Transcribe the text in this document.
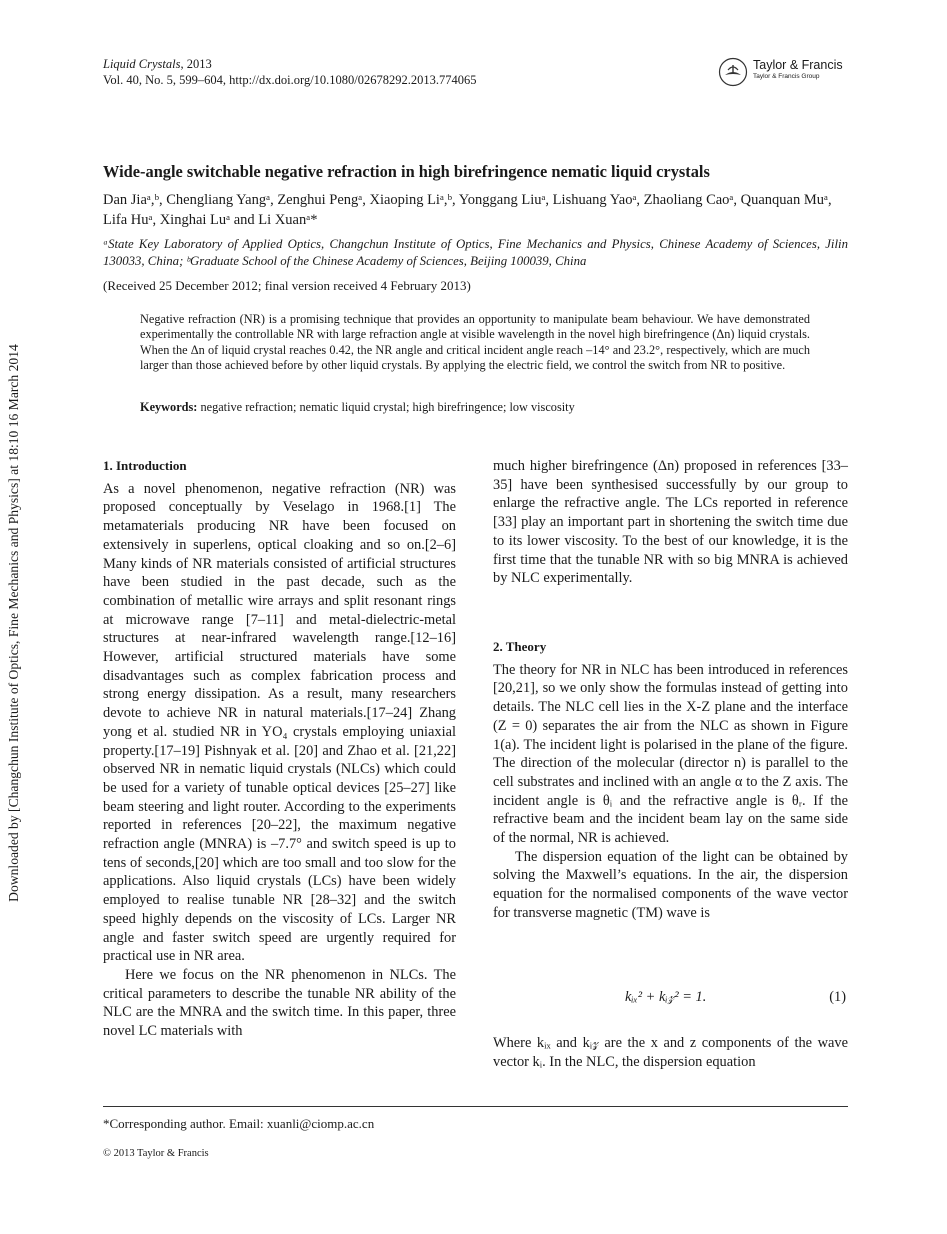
Downloaded by [Changchun Institute of Optics, Fine Mechanics and Physics] at 18:10 16 March 2014
Liquid Crystals, 2013
Vol. 40, No. 5, 599–604, http://dx.doi.org/10.1080/02678292.2013.774065
Taylor & Francis
Taylor & Francis Group
Wide-angle switchable negative refraction in high birefringence nematic liquid crystals
Dan Jiaᵃ,ᵇ, Chengliang Yangᵃ, Zenghui Pengᵃ, Xiaoping Liᵃ,ᵇ, Yonggang Liuᵃ, Lishuang Yaoᵃ, Zhaoliang Caoᵃ, Quanquan Muᵃ, Lifa Huᵃ, Xinghai Luᵃ and Li Xuanᵃ*
ᵃState Key Laboratory of Applied Optics, Changchun Institute of Optics, Fine Mechanics and Physics, Chinese Academy of Sciences, Jilin 130033, China; ᵇGraduate School of the Chinese Academy of Sciences, Beijing 100039, China
(Received 25 December 2012; final version received 4 February 2013)
Negative refraction (NR) is a promising technique that provides an opportunity to manipulate beam behaviour. We have demonstrated experimentally the controllable NR with large refraction angle at visible wavelength in the novel high birefringence (Δn) liquid crystals. When the Δn of liquid crystal reaches 0.42, the NR angle and critical incident angle reach –14° and 23.2°, respectively, which are much larger than those achieved before by other liquid crystals. By applying the electric field, we control the switch from NR to positive.
Keywords: negative refraction; nematic liquid crystal; high birefringence; low viscosity
1. Introduction

As a novel phenomenon, negative refraction (NR) was proposed conceptually by Veselago in 1968.[1] The metamaterials producing NR have been focused on extensively in superlens, optical cloaking and so on.[2–6] Many kinds of NR materials consisted of artificial structures have been studied in the past decade, such as the combination of metallic wire arrays and split resonant rings at microwave range [7–11] and metal-dielectric-metal structures at near-infrared wavelength range.[12–16] However, artificial structured materials have some disadvantages such as complex fabrication process and strong energy dissipation. As a result, many researchers devote to achieve NR in natural materials.[17–24] Zhang yong et al. studied NR in YO₄ crystals employing uniaxial property.[17–19] Pishnyak et al. [20] and Zhao et al. [21,22] observed NR in nematic liquid crystals (NLCs) which could be used for a variety of tunable optical devices [25–27] like beam steering and light router. According to the experiments reported in references [20–22], the maximum negative refraction angle (MNRA) is –7.7° and switch speed is up to tens of seconds,[20] which are too small and too slow for the applications. Also liquid crystals (LCs) have been widely employed to realise tunable NR [28–32] and the switch speed highly depends on the viscosity of LCs. Larger NR angle and faster switch speed are urgently required for practical use in NR area.

Here we focus on the NR phenomenon in NLCs. The critical parameters to describe the tunable NR ability of the NLC are the MNRA and the switch time. In this paper, three novel LC materials with

much higher birefringence (Δn) proposed in references [33–35] have been synthesised successfully by our group to enlarge the refractive angle. The LCs reported in reference [33] play an important part in shortening the switch time due to its lower viscosity. To the best of our knowledge, it is the first time that the tunable NR with so big MNRA is achieved by NLC experimentally.

2. Theory

The theory for NR in NLC has been introduced in references [20,21], so we only show the formulas instead of getting into details. The NLC cell lies in the X-Z plane and the interface (Z = 0) separates the air from the NLC as shown in Figure 1(a). The incident light is polarised in the plane of the figure. The direction of the molecular (director n) is parallel to the cell substrates and inclined with an angle α to the Z axis. The incident angle is θᵢ and the refractive angle is θᵣ. If the refractive beam and the incident beam lay on the same side of the normal, NR is achieved.

The dispersion equation of the light can be obtained by solving the Maxwell’s equations. In the air, the dispersion equation for the normalised components of the wave vector for transverse magnetic (TM) wave is

kᵢₓ² + kᵢ𝓏² = 1.	(1)

Where kᵢₓ and kᵢ𝓏 are the x and z components of the wave vector kᵢ. In the NLC, the dispersion equation

*Corresponding author. Email: xuanli@ciomp.ac.cn
© 2013 Taylor & Francis
